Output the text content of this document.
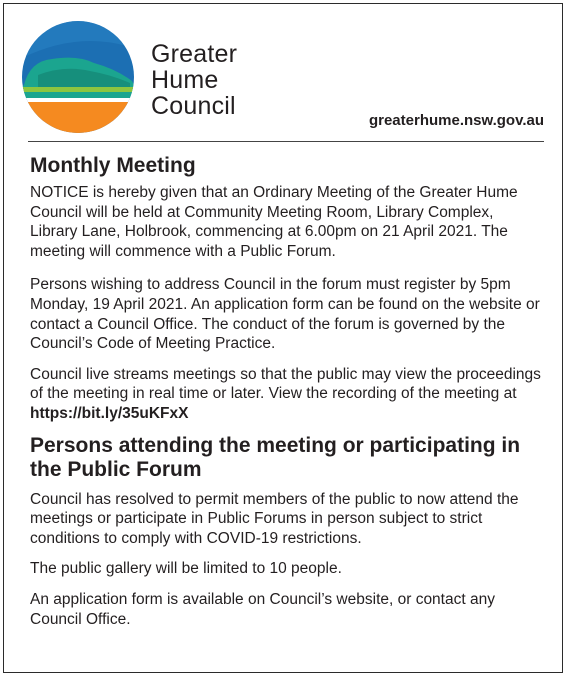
Greater
Hume
Council
greaterhume.nsw.gov.au
Monthly Meeting

NOTICE is hereby given that an Ordinary Meeting of the Greater Hume Council will be held at Community Meeting Room, Library Complex, Library Lane, Holbrook, commencing at 6.00pm on 21 April 2021. The meeting will commence with a Public Forum.

Persons wishing to address Council in the forum must register by 5pm Monday, 19 April 2021. An application form can be found on the website or contact a Council Office. The conduct of the forum is governed by the Council’s Code of Meeting Practice.

Council live streams meetings so that the public may view the proceedings of the meeting in real time or later. View the recording of the meeting at https://bit.ly/35uKFxX

Persons attending the meeting or participating in the Public Forum

Council has resolved to permit members of the public to now attend the meetings or participate in Public Forums in person subject to strict conditions to comply with COVID-19 restrictions.

The public gallery will be limited to 10 people.

An application form is available on Council’s website, or contact any Council Office.
